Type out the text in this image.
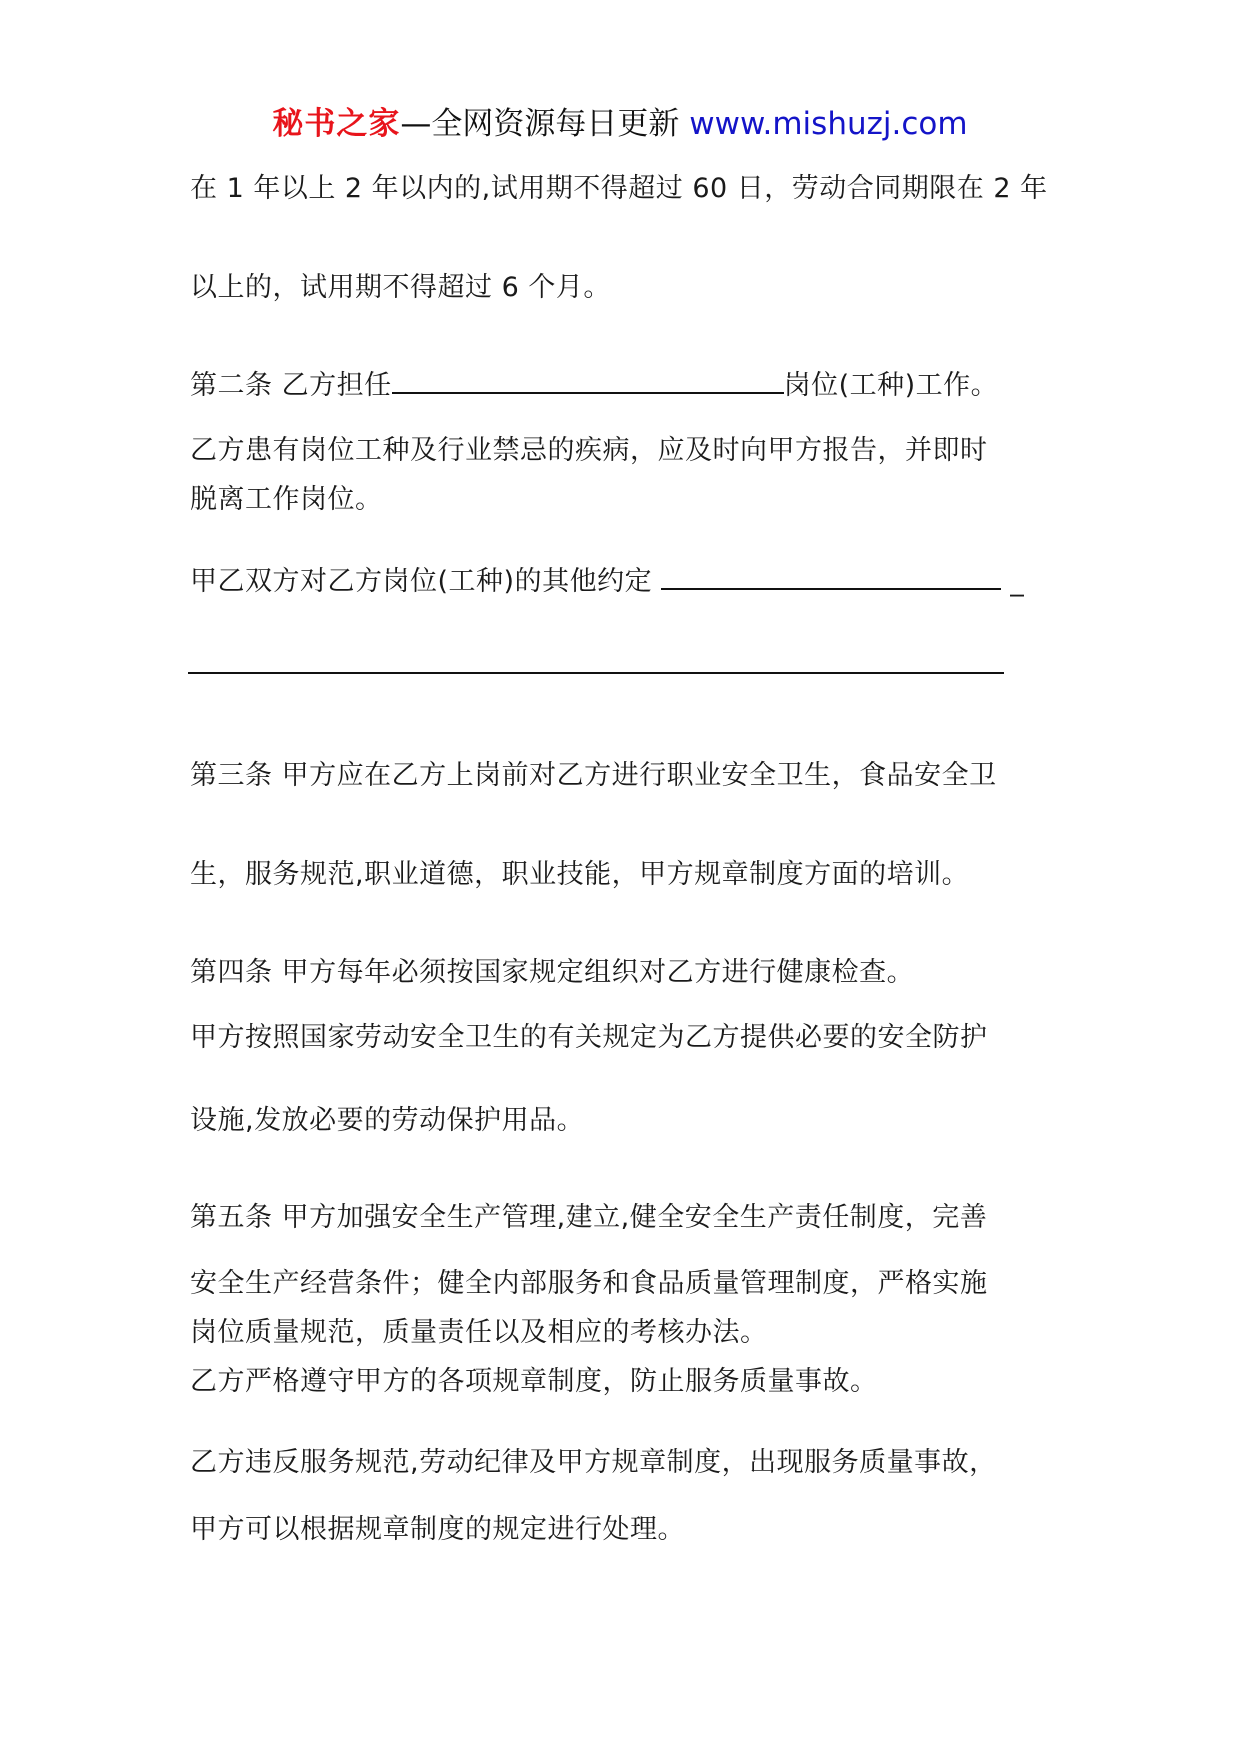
秘书之家—全网资源每日更新 www.mishuzj.com
在 1 年以上 2 年以内的,试用期不得超过 60 日，劳动合同期限在 2 年
以上的，试用期不得超过 6 个月。
第二条 乙方担任	岗位(工种)工作。
乙方患有岗位工种及行业禁忌的疾病，应及时向甲方报告，并即时
脱离工作岗位。
甲乙双方对乙方岗位(工种)的其他约定	_
第三条 甲方应在乙方上岗前对乙方进行职业安全卫生，食品安全卫
生，服务规范,职业道德，职业技能，甲方规章制度方面的培训。
第四条 甲方每年必须按国家规定组织对乙方进行健康检查。
甲方按照国家劳动安全卫生的有关规定为乙方提供必要的安全防护
设施,发放必要的劳动保护用品。
第五条 甲方加强安全生产管理,建立,健全安全生产责任制度，完善
安全生产经营条件；健全内部服务和食品质量管理制度，严格实施
岗位质量规范，质量责任以及相应的考核办法。
乙方严格遵守甲方的各项规章制度，防止服务质量事故。
乙方违反服务规范,劳动纪律及甲方规章制度，出现服务质量事故，
甲方可以根据规章制度的规定进行处理。
